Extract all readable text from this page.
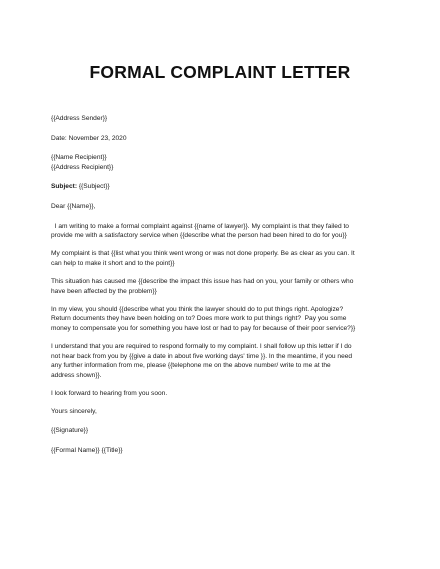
FORMAL COMPLAINT LETTER
{{Address Sender}}
Date: November 23, 2020
{{Name Recipient}}
{{Address Recipient}}
Subject: {{Subject}}
Dear {{Name}},
I am writing to make a formal complaint against {{name of lawyer}}. My complaint is that they failed to
provide me with a satisfactory service when {{describe what the person had been hired to do for you}}
My complaint is that {{list what you think went wrong or was not done properly. Be as clear as you can. It
can help to make it short and to the point}}
This situation has caused me {{describe the impact this issue has had on you, your family or others who
have been affected by the problem}}
In my view, you should {{describe what you think the lawyer should do to put things right. Apologize?
Return documents they have been holding on to? Does more work to put things right?  Pay you some
money to compensate you for something you have lost or had to pay for because of their poor service?}}
I understand that you are required to respond formally to my complaint. I shall follow up this letter if I do
not hear back from you by {{give a date in about five working days' time }}. In the meantime, if you need
any further information from me, please {{telephone me on the above number/ write to me at the
address shown}}.
I look forward to hearing from you soon.
Yours sincerely,
{{Signature}}
{{Formal Name}} {{Title}}
